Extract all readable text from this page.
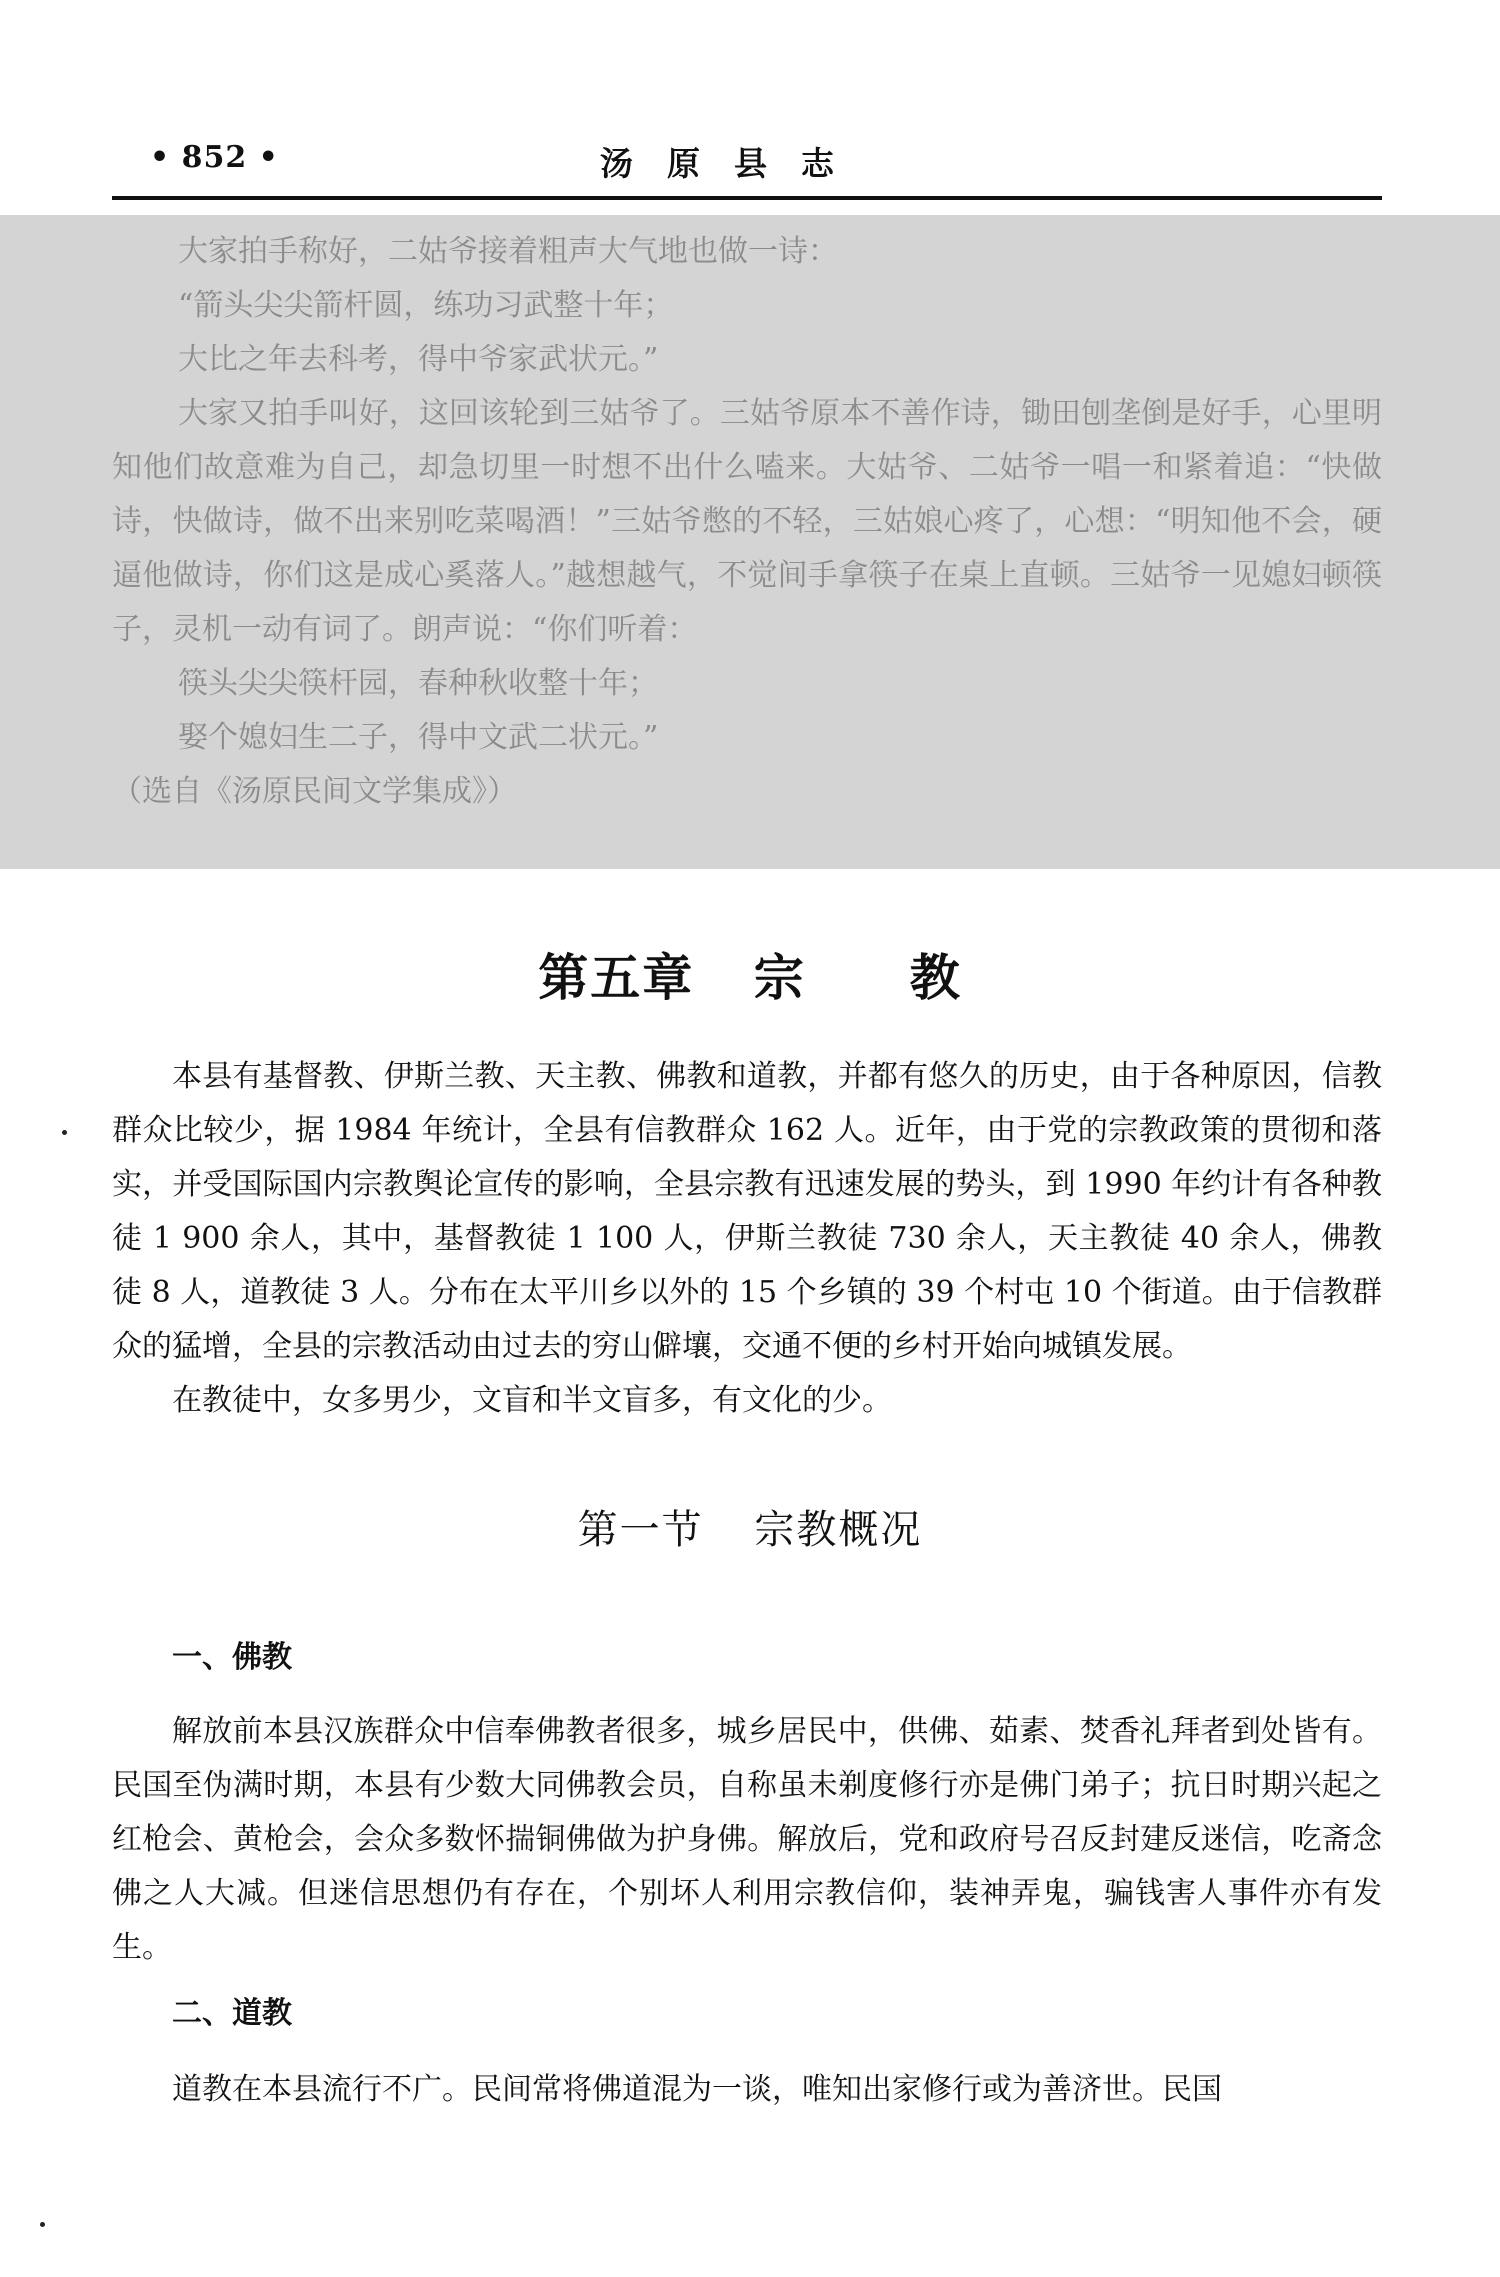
• 852 •	汤原县志

大家拍手称好，二姑爷接着粗声大气地也做一诗：

“箭头尖尖箭杆圆，练功习武整十年；

大比之年去科考，得中爷家武状元。”

大家又拍手叫好，这回该轮到三姑爷了。三姑爷原本不善作诗，锄田刨垄倒是好手，心里明知他们故意难为自己，却急切里一时想不出什么嗑来。大姑爷、二姑爷一唱一和紧着追：“快做诗，快做诗，做不出来别吃菜喝酒！”三姑爷憋的不轻，三姑娘心疼了，心想：“明知他不会，硬逼他做诗，你们这是成心奚落人。”越想越气，不觉间手拿筷子在桌上直顿。三姑爷一见媳妇顿筷子，灵机一动有词了。朗声说：“你们听着：

筷头尖尖筷杆园，春种秋收整十年；

娶个媳妇生二子，得中文武二状元。”

（选自《汤原民间文学集成》）

第五章 宗　　教

本县有基督教、伊斯兰教、天主教、佛教和道教，并都有悠久的历史，由于各种原因，信教群众比较少，据 1984 年统计，全县有信教群众 162 人。近年，由于党的宗教政策的贯彻和落实，并受国际国内宗教舆论宣传的影响，全县宗教有迅速发展的势头，到 1990 年约计有各种教徒 1 900 余人，其中，基督教徒 1 100 人，伊斯兰教徒 730 余人，天主教徒 40 余人，佛教徒 8 人，道教徒 3 人。分布在太平川乡以外的 15 个乡镇的 39 个村屯 10 个街道。由于信教群众的猛增，全县的宗教活动由过去的穷山僻壤，交通不便的乡村开始向城镇发展。

在教徒中，女多男少，文盲和半文盲多，有文化的少。

第一节 宗教概况
一、佛教

解放前本县汉族群众中信奉佛教者很多，城乡居民中，供佛、茹素、焚香礼拜者到处皆有。民国至伪满时期，本县有少数大同佛教会员，自称虽未剃度修行亦是佛门弟子；抗日时期兴起之红枪会、黄枪会，会众多数怀揣铜佛做为护身佛。解放后，党和政府号召反封建反迷信，吃斋念佛之人大减。但迷信思想仍有存在，个别坏人利用宗教信仰，装神弄鬼，骗钱害人事件亦有发生。

二、道教

道教在本县流行不广。民间常将佛道混为一谈，唯知出家修行或为善济世。民国
